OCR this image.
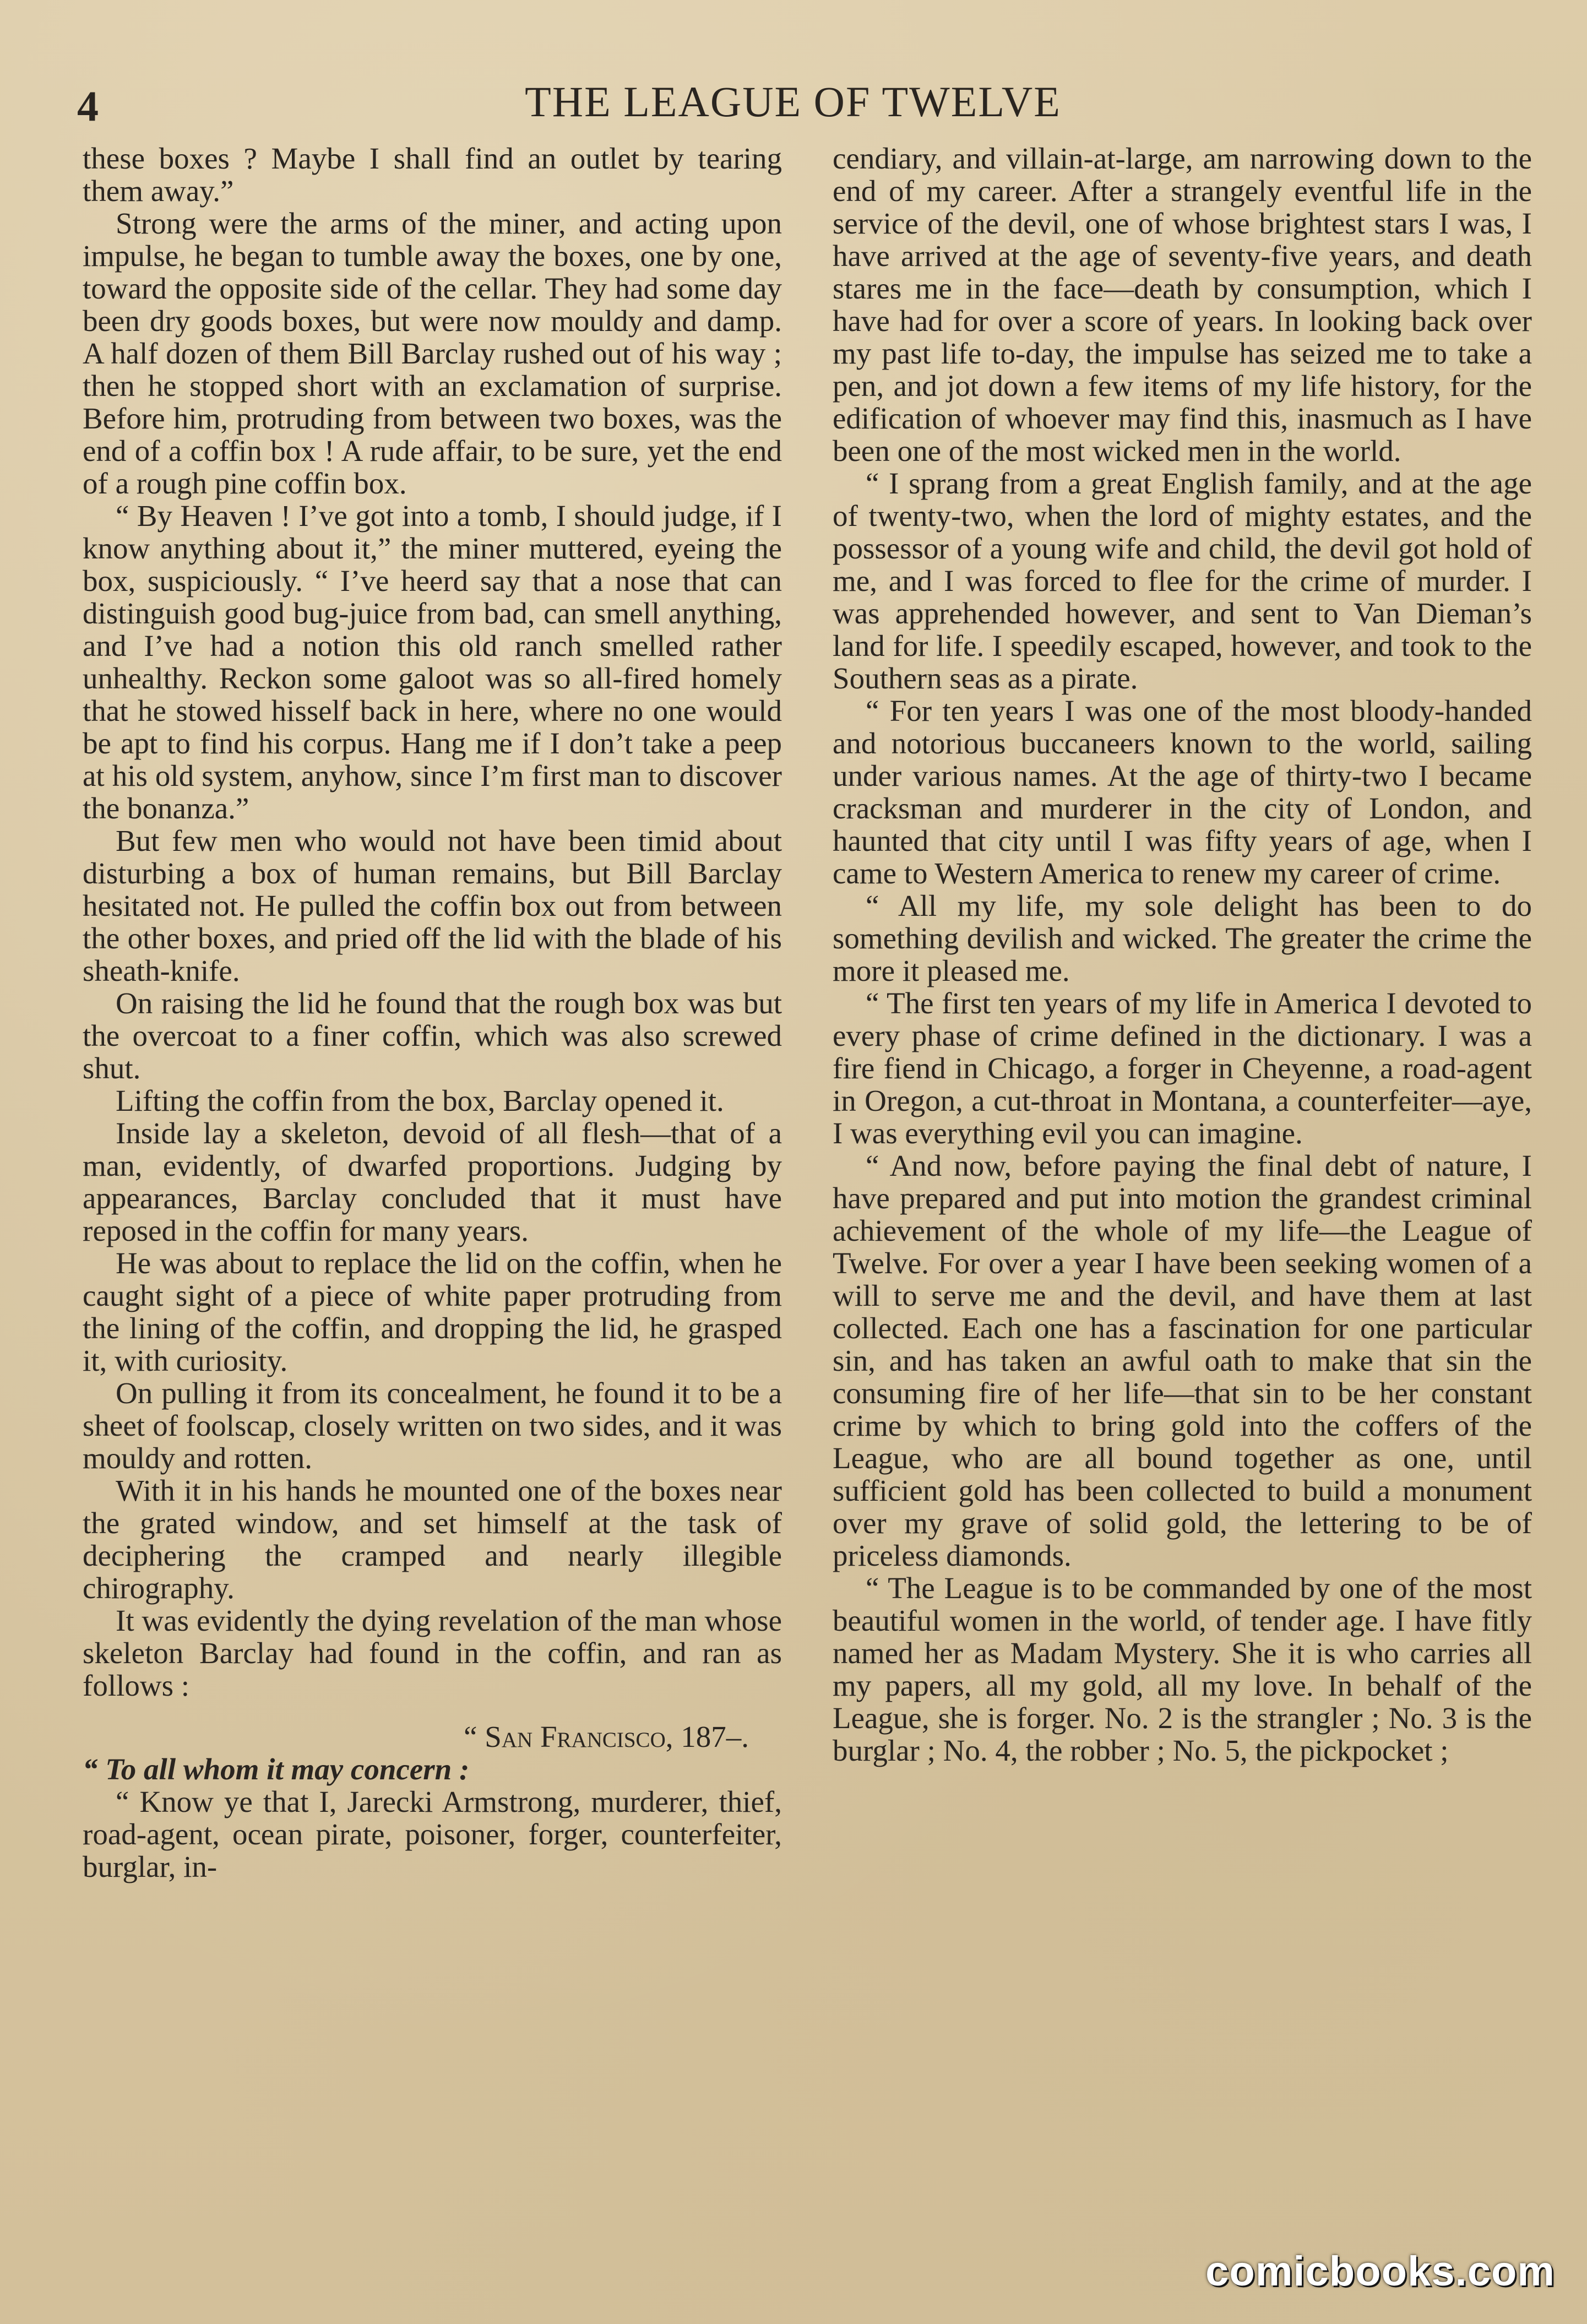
4	THE LEAGUE OF TWELVE

these boxes ? Maybe I shall find an outlet by tearing them away.”

Strong were the arms of the miner, and acting upon impulse, he began to tumble away the boxes, one by one, toward the opposite side of the cellar. They had some day been dry goods boxes, but were now mouldy and damp. A half dozen of them Bill Barclay rushed out of his way ; then he stopped short with an exclamation of surprise. Before him, protruding from between two boxes, was the end of a coffin box ! A rude affair, to be sure, yet the end of a rough pine coffin box.

“ By Heaven ! I’ve got into a tomb, I should judge, if I know anything about it,” the miner muttered, eyeing the box, suspiciously. “ I’ve heerd say that a nose that can distinguish good bug-juice from bad, can smell anything, and I’ve had a notion this old ranch smelled rather unhealthy. Reckon some galoot was so all-fired homely that he stowed hisself back in here, where no one would be apt to find his corpus. Hang me if I don’t take a peep at his old system, anyhow, since I’m first man to discover the bonanza.”

But few men who would not have been timid about disturbing a box of human remains, but Bill Barclay hesitated not. He pulled the coffin box out from between the other boxes, and pried off the lid with the blade of his sheath-knife.

On raising the lid he found that the rough box was but the overcoat to a finer coffin, which was also screwed shut.

Lifting the coffin from the box, Barclay opened it.

Inside lay a skeleton, devoid of all flesh—that of a man, evidently, of dwarfed proportions. Judging by appearances, Barclay concluded that it must have reposed in the coffin for many years.

He was about to replace the lid on the coffin, when he caught sight of a piece of white paper protruding from the lining of the coffin, and dropping the lid, he grasped it, with curiosity.

On pulling it from its concealment, he found it to be a sheet of foolscap, closely written on two sides, and it was mouldy and rotten.

With it in his hands he mounted one of the boxes near the grated window, and set himself at the task of deciphering the cramped and nearly illegible chirography.

It was evidently the dying revelation of the man whose skeleton Barclay had found in the coffin, and ran as follows :

“ San Francisco, 187–.

“ To all whom it may concern :

“ Know ye that I, Jarecki Armstrong, murderer, thief, road-agent, ocean pirate, poisoner, forger, counterfeiter, burglar, in-

cendiary, and villain-at-large, am narrowing down to the end of my career. After a strangely eventful life in the service of the devil, one of whose brightest stars I was, I have arrived at the age of seventy-five years, and death stares me in the face—death by consumption, which I have had for over a score of years. In looking back over my past life to-day, the impulse has seized me to take a pen, and jot down a few items of my life history, for the edification of whoever may find this, inasmuch as I have been one of the most wicked men in the world.

“ I sprang from a great English family, and at the age of twenty-two, when the lord of mighty estates, and the possessor of a young wife and child, the devil got hold of me, and I was forced to flee for the crime of murder. I was apprehended however, and sent to Van Dieman’s land for life. I speedily escaped, however, and took to the Southern seas as a pirate.

“ For ten years I was one of the most bloody-handed and notorious buccaneers known to the world, sailing under various names. At the age of thirty-two I became cracksman and murderer in the city of London, and haunted that city until I was fifty years of age, when I came to Western America to renew my career of crime.

“ All my life, my sole delight has been to do something devilish and wicked. The greater the crime the more it pleased me.

“ The first ten years of my life in America I devoted to every phase of crime defined in the dictionary. I was a fire fiend in Chicago, a forger in Cheyenne, a road-agent in Oregon, a cut-throat in Montana, a counterfeiter—aye, I was everything evil you can imagine.

“ And now, before paying the final debt of nature, I have prepared and put into motion the grandest criminal achievement of the whole of my life—the League of Twelve. For over a year I have been seeking women of a will to serve me and the devil, and have them at last collected. Each one has a fascination for one particular sin, and has taken an awful oath to make that sin the consuming fire of her life—that sin to be her constant crime by which to bring gold into the coffers of the League, who are all bound together as one, until sufficient gold has been collected to build a monument over my grave of solid gold, the lettering to be of priceless diamonds.

“ The League is to be commanded by one of the most beautiful women in the world, of tender age. I have fitly named her as Madam Mystery. She it is who carries all my papers, all my gold, all my love. In behalf of the League, she is forger. No. 2 is the strangler ; No. 3 is the burglar ; No. 4, the robber ; No. 5, the pickpocket ;

comicbooks.com
